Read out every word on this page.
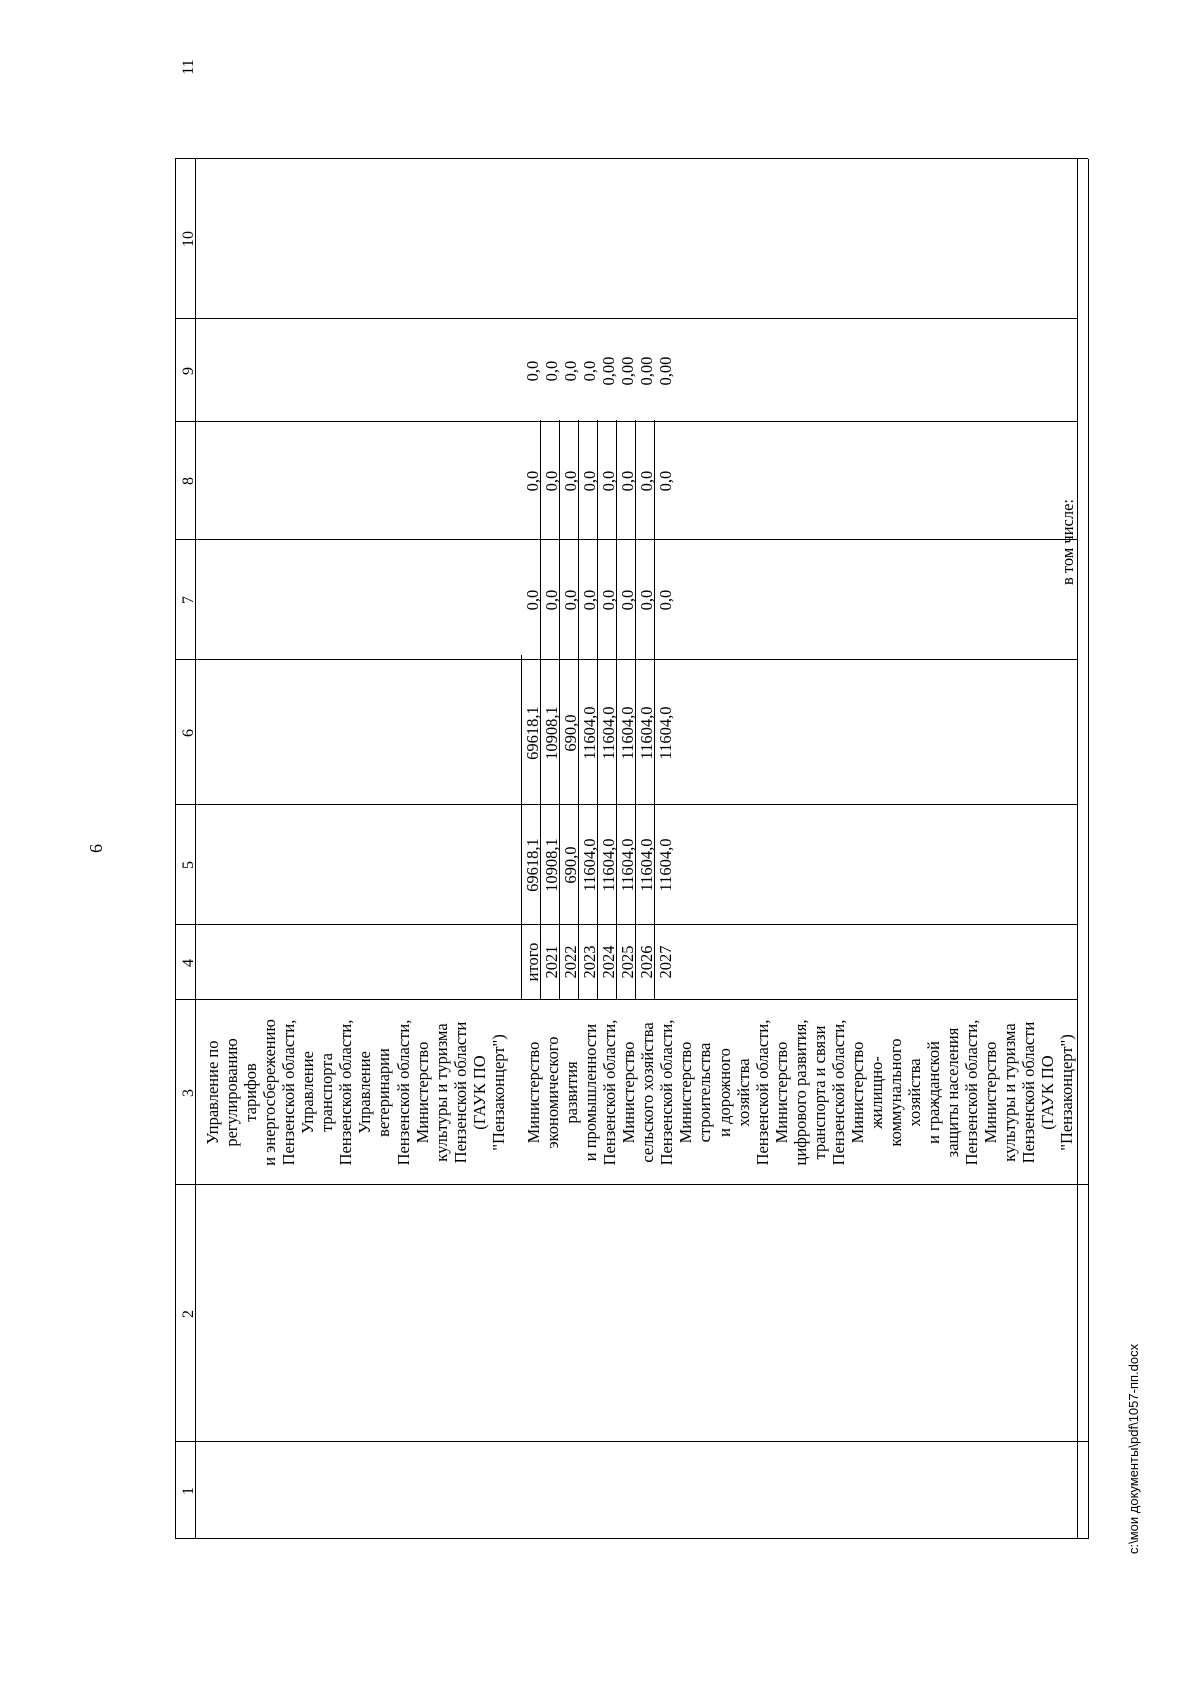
6
c:\мои документы\pdf\1057-пп.docx
1
2
3
4
5
6
7
8
9
10
11
Управление по регулированию тарифов и энергосбережению Пензенской области, Управление транспорта Пензенской области, Управление ветеринарии Пензенской области, Министерство культуры и туризма Пензенской области (ГАУК ПО "Пензаконцерт") Министерство экономического развития и промышленности Пензенской области, Министерство сельского хозяйства Пензенской области, Министерство строительства и дорожного хозяйства Пензенской области, Министерство цифрового развития, транспорта и связи Пензенской области, Министерство жилищно- коммунального хозяйства и гражданской защиты населения Пензенской области, Министерство культуры и туризма Пензенской области (ГАУК ПО "Пензаконцерт")
итого
69618,1
69618,1
0,0
0,0
0,0
2021
10908,1
10908,1
0,0
0,0
0,0
2022
690,0
690,0
0,0
0,0
0,0
2023
11604,0
11604,0
0,0
0,0
0,0
2024
11604,0
11604,0
0,0
0,0
0,00
2025
11604,0
11604,0
0,0
0,0
0,00
2026
11604,0
11604,0
0,0
0,0
0,00
2027
11604,0
11604,0
0,0
0,0
0,00
в том числе:
